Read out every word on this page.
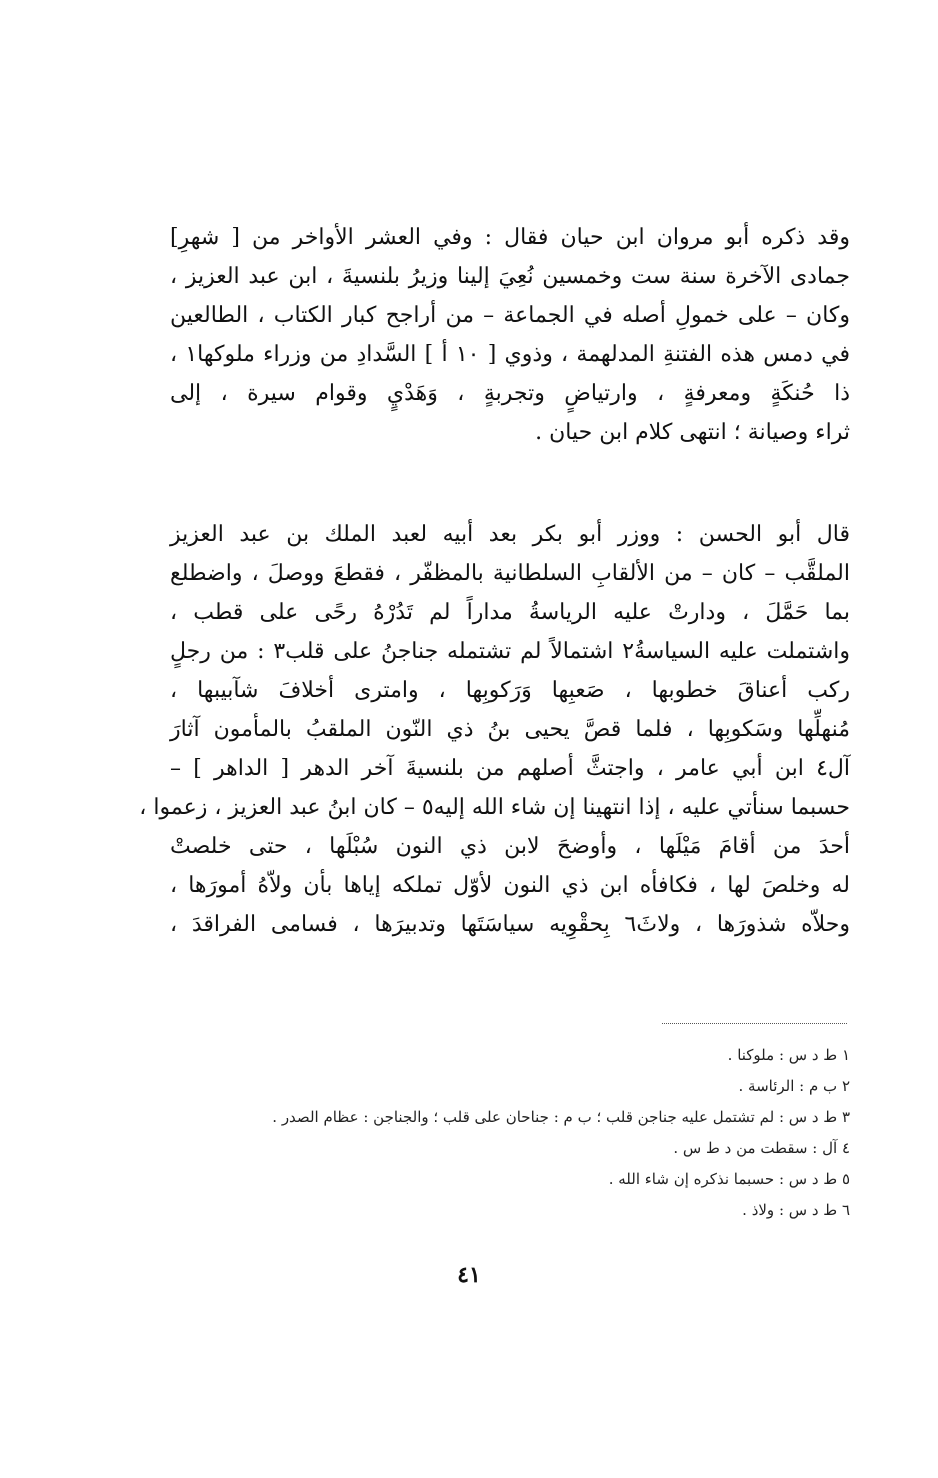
وقد ذكره أبو مروان ابن حيان فقال : وفي العشر الأواخر من [ شهرِ]
جمادى الآخرة سنة ست وخمسين نُعِيَ إلينا وزيرُ بلنسيةَ ، ابن عبد العزيز ،
وكان – على خمولِ أصله في الجماعة – من أراجح كبار الكتاب ، الطالعين
في دمس هذه الفتنةِ المدلهمة ، وذوي [ ١٠ أ ] السَّدادِ من وزراء ملوكها١ ،
ذا حُنكَةٍ ومعرفةٍ ، وارتياضٍ وتجربةٍ ، وَهَدْيٍ وقوام سيرة ، إلى
ثراء وصيانة ؛ انتهى كلام ابن حيان .
قال أبو الحسن : ووزر أبو بكر بعد أبيه لعبد الملك بن عبد العزيز
الملقَّب – كان – من الألقابِ السلطانية بالمظفّر ، فقطعَ ووصلَ ، واضطلع
بما حَمَّلَ ، ودارتْ عليه الرياسةُ مداراً لم تَدُرْهُ رحًى على قطب ،
واشتملت عليه السياسةُ٢ اشتمالاً لم تشتمله جناجنُ على قلب٣ : من رجلٍ
ركب أعناقَ خطوبها ، صَعبِها وَرَكوبِها ، وامترى أخلافَ شآبيبها ،
مُنهلِّها وسَكوبِها ، فلما قصَّ يحيى بنُ ذي النّون الملقبُ بالمأمون آثارَ
آل٤ ابن أبي عامر ، واجتثَّ أصلهم من بلنسيةَ آخر الدهر [ الداهر ] –
حسبما سنأتي عليه ، إذا انتهينا إن شاء الله إليه٥ – كان ابنُ عبد العزيز ، زعموا ،
أحدَ من أقامَ مَيْلَها ، وأوضحَ لابن ذي النون سُبْلَها ، حتى خلصتْ
له وخلصَ لها ، فكافأه ابن ذي النون لأوّل تملكه إياها بأن ولاّهُ أمورَها ،
وحلاّه شذورَها ، ولاثَ٦ بِحقْوِيه سياسَتَها وتدبيرَها ، فسامى الفراقدَ ،
١ ط د س : ملوكنا .
٢ ب م : الرئاسة .
٣ ط د س : لم تشتمل عليه جناجن قلب ؛ ب م : جناحان على قلب ؛ والجناجن : عظام الصدر .
٤ آل : سقطت من د ط س .
٥ ط د س : حسبما نذكره إن شاء الله .
٦ ط د س : ولاذ .
٤١
